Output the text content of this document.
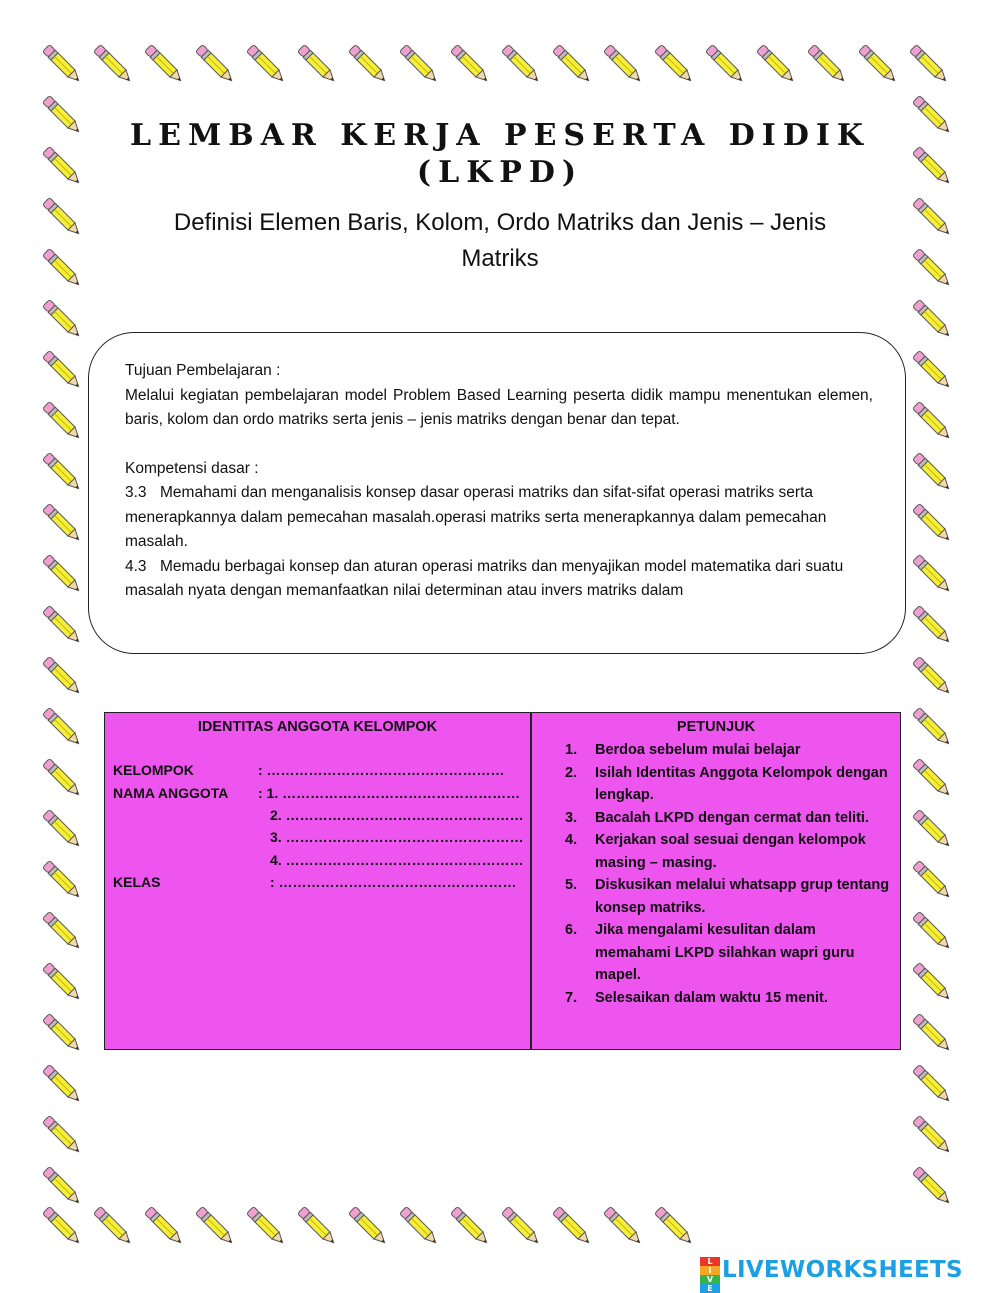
LEMBAR KERJA PESERTA DIDIK
(LKPD)
Definisi Elemen Baris, Kolom, Ordo Matriks dan Jenis – Jenis Matriks

Tujuan Pembelajaran :

Melalui kegiatan pembelajaran model Problem Based Learning peserta didik mampu menentukan elemen, baris, kolom dan ordo matriks serta jenis – jenis matriks dengan benar dan tepat.

Kompetensi dasar :

3.3 Memahami dan menganalisis konsep dasar operasi matriks dan sifat-sifat operasi matriks serta menerapkannya dalam pemecahan masalah.operasi matriks serta menerapkannya dalam pemecahan masalah.

4.3 Memadu berbagai konsep dan aturan operasi matriks dan menyajikan model matematika dari suatu masalah nyata dengan memanfaatkan nilai determinan atau invers matriks dalam

IDENTITAS ANGGOTA KELOMPOK	PETUNJUK
KELOMPOK	: ……………………………………………
NAMA ANGGOTA : 1. ……………………………………………
2. ……………………………………………
3. ……………………………………………
4. ……………………………………………
KELAS	: ……………………………………………
1. Berdoa sebelum mulai belajar
2. Isilah Identitas Anggota Kelompok dengan lengkap.
3. Bacalah LKPD dengan cermat dan teliti.
4. Kerjakan soal sesuai dengan kelompok masing – masing.
5. Diskusikan melalui whatsapp grup tentang konsep matriks.
6. Jika mengalami kesulitan dalam memahami LKPD silahkan wapri guru mapel.
7. Selesaikan dalam waktu 15 menit.
L
I
V
E
LIVEWORKSHEETS
